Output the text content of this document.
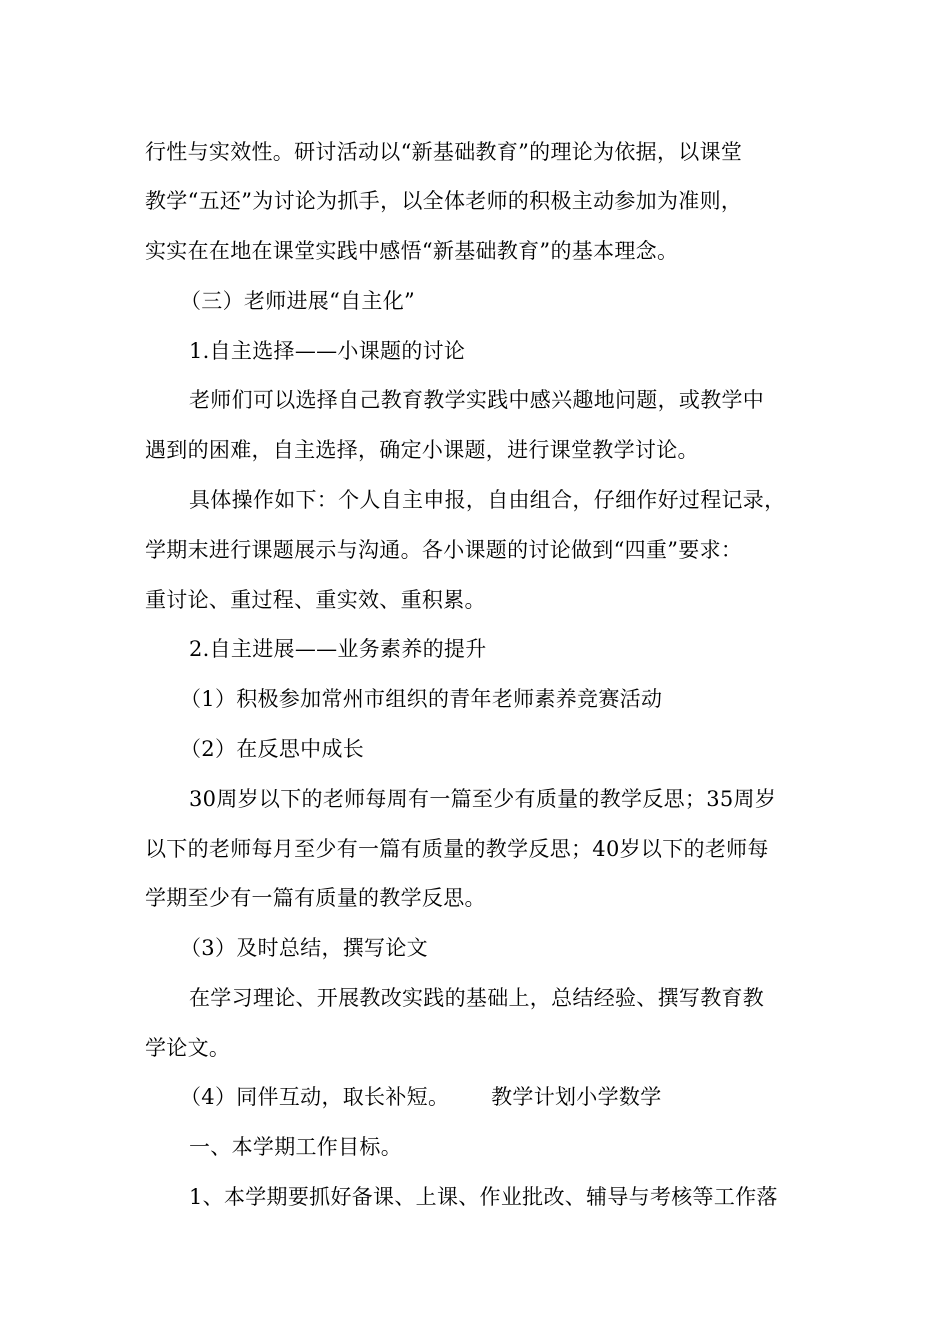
行性与实效性。研讨活动以“新基础教育”的理论为依据，以课堂
教学“五还”为讨论为抓手，以全体老师的积极主动参加为准则，
实实在在地在课堂实践中感悟“新基础教育”的基本理念。
（三）老师进展“自主化”
1.自主选择——小课题的讨论
老师们可以选择自己教育教学实践中感兴趣地问题，或教学中
遇到的困难，自主选择，确定小课题，进行课堂教学讨论。
具体操作如下：个人自主申报，自由组合，仔细作好过程记录，
学期末进行课题展示与沟通。各小课题的讨论做到“四重”要求：
重讨论、重过程、重实效、重积累。
2.自主进展——业务素养的提升
（1）积极参加常州市组织的青年老师素养竞赛活动
（2）在反思中成长
30周岁以下的老师每周有一篇至少有质量的教学反思；35周岁
以下的老师每月至少有一篇有质量的教学反思；40岁以下的老师每
学期至少有一篇有质量的教学反思。
（3）及时总结，撰写论文
在学习理论、开展教改实践的基础上，总结经验、撰写教育教
学论文。
（4）同伴互动，取长补短。      教学计划小学数学
一、本学期工作目标。
1、本学期要抓好备课、上课、作业批改、辅导与考核等工作落
